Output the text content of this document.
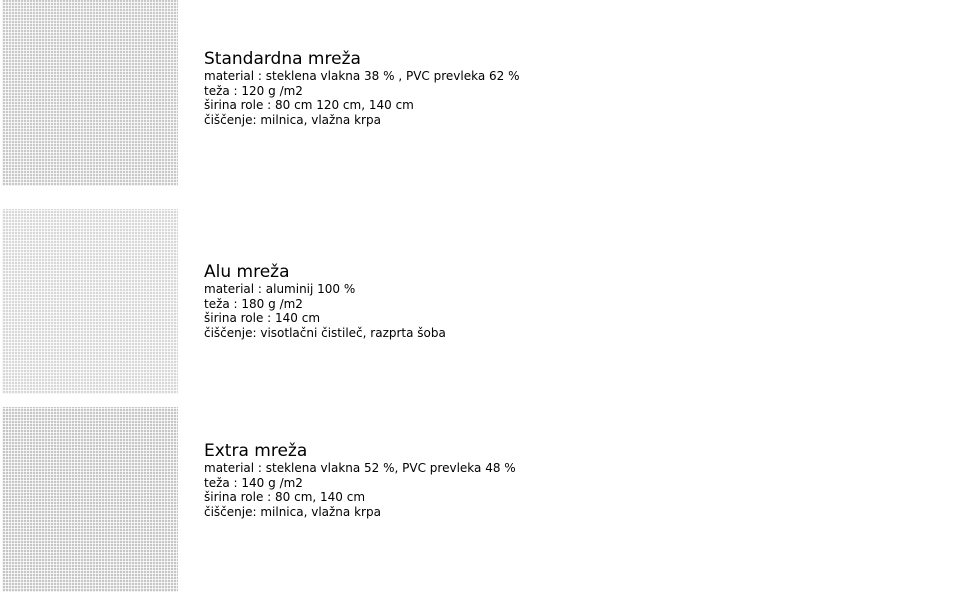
Standardna mreža
material : steklena vlakna 38 % , PVC prevleka 62 %
teža : 120 g /m2
širina role : 80 cm 120 cm, 140 cm
čiščenje: milnica, vlažna krpa
Alu mreža
material : aluminij 100 %
teža : 180 g /m2
širina role : 140 cm
čiščenje: visotlačni čistileč, razprta šoba
Extra mreža
material : steklena vlakna 52 %, PVC prevleka 48 %
teža : 140 g /m2
širina role : 80 cm, 140 cm
čiščenje: milnica, vlažna krpa
